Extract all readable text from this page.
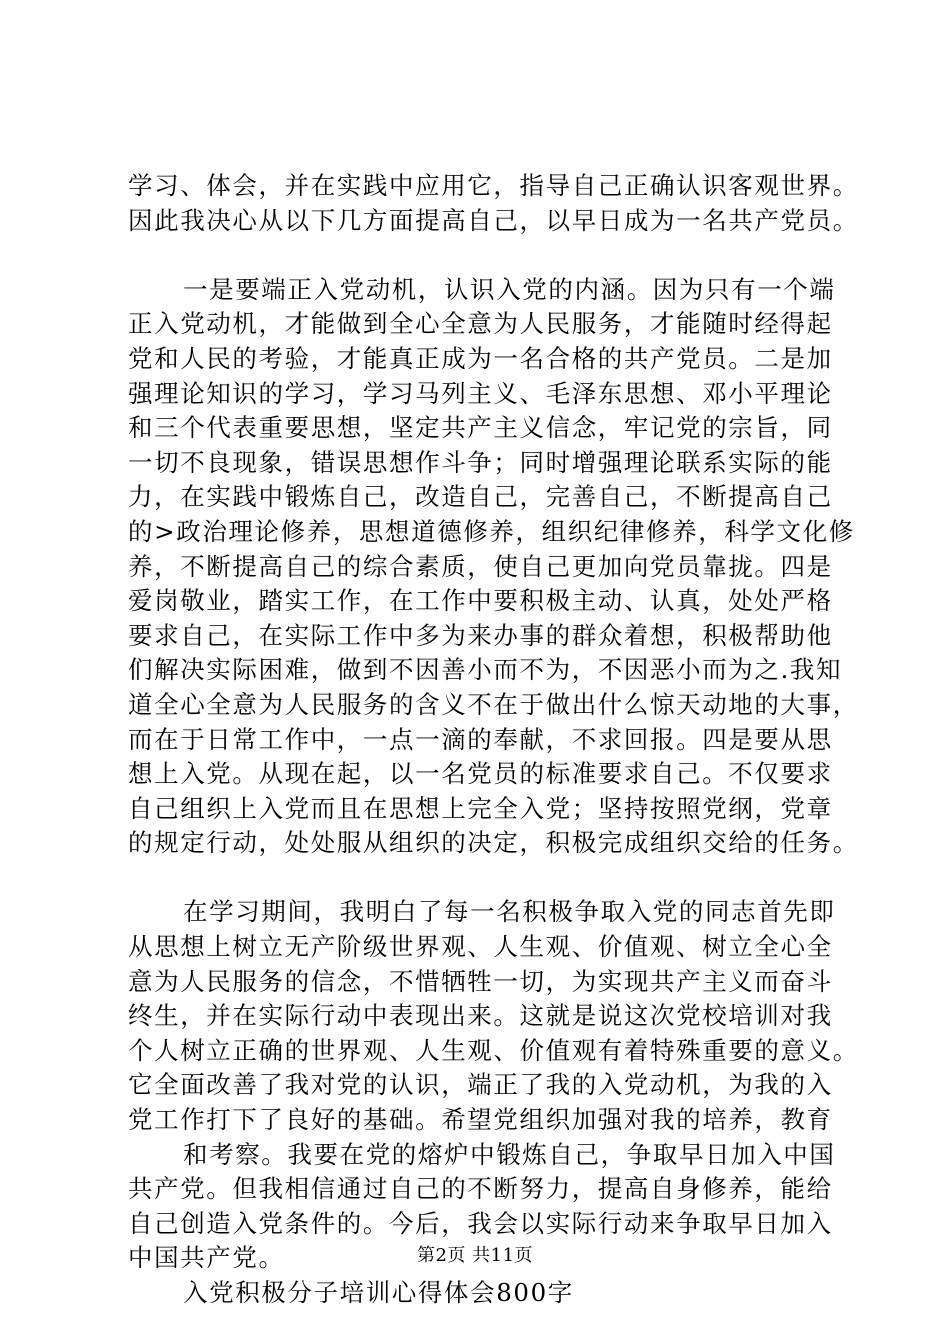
学习、体会，并在实践中应用它，指导自己正确认识客观世界。
因此我决心从以下几方面提高自己，以早日成为一名共产党员。
一是要端正入党动机，认识入党的内涵。因为只有一个端
正入党动机，才能做到全心全意为人民服务，才能随时经得起
党和人民的考验，才能真正成为一名合格的共产党员。二是加
强理论知识的学习，学习马列主义、毛泽东思想、邓小平理论
和三个代表重要思想，坚定共产主义信念，牢记党的宗旨，同
一切不良现象，错误思想作斗争；同时增强理论联系实际的能
力，在实践中锻炼自己，改造自己，完善自己，不断提高自己
的>政治理论修养，思想道德修养，组织纪律修养，科学文化修
养，不断提高自己的综合素质，使自己更加向党员靠拢。四是
爱岗敬业，踏实工作，在工作中要积极主动、认真，处处严格
要求自己，在实际工作中多为来办事的群众着想，积极帮助他
们解决实际困难，做到不因善小而不为，不因恶小而为之.我知
道全心全意为人民服务的含义不在于做出什么惊天动地的大事，
而在于日常工作中，一点一滴的奉献，不求回报。四是要从思
想上入党。从现在起，以一名党员的标准要求自己。不仅要求
自己组织上入党而且在思想上完全入党；坚持按照党纲，党章
的规定行动，处处服从组织的决定，积极完成组织交给的任务。
在学习期间，我明白了每一名积极争取入党的同志首先即
从思想上树立无产阶级世界观、人生观、价值观、树立全心全
意为人民服务的信念，不惜牺牲一切，为实现共产主义而奋斗
终生，并在实际行动中表现出来。这就是说这次党校培训对我
个人树立正确的世界观、人生观、价值观有着特殊重要的意义。
它全面改善了我对党的认识，端正了我的入党动机，为我的入
党工作打下了良好的基础。希望党组织加强对我的培养，教育
和考察。我要在党的熔炉中锻炼自己，争取早日加入中国
共产党。但我相信通过自己的不断努力，提高自身修养，能给
自己创造入党条件的。今后，我会以实际行动来争取早日加入
中国共产党。
入党积极分子培训心得体会800字
第2页 共11页
